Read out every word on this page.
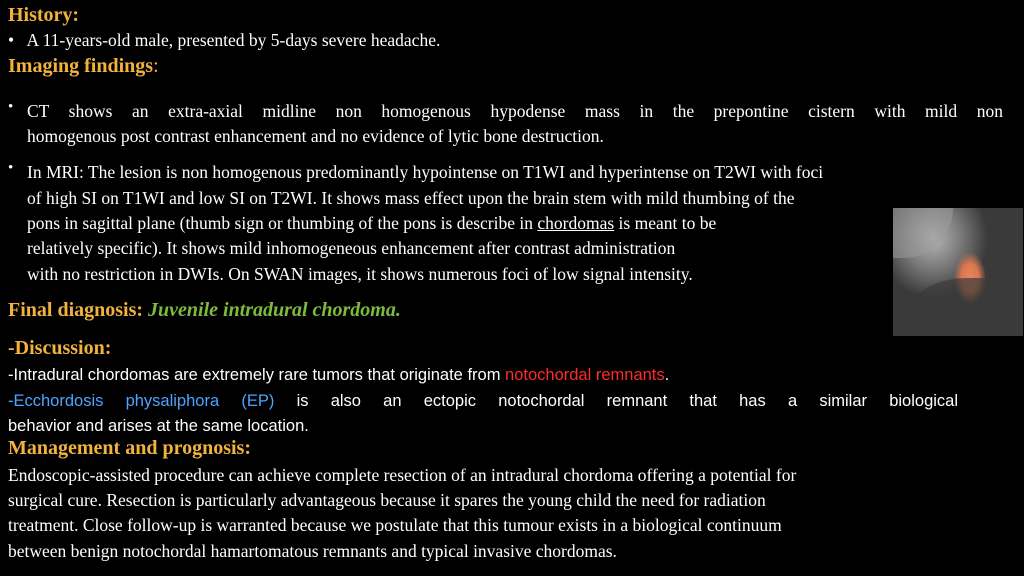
History:
• A 11-years-old male, presented by 5-days severe headache.
Imaging findings:
• CT shows an extra-axial midline non homogenous hypodense mass in the prepontine cistern with mild non
homogenous post contrast enhancement and no evidence of lytic bone destruction.
• In MRI: The lesion is non homogenous predominantly hypointense on T1WI and hyperintense on T2WI with foci
of high SI on T1WI and low SI on T2WI. It shows mass effect upon the brain stem with mild thumbing of the
pons in sagittal plane (thumb sign or thumbing of the pons is describe in chordomas is meant to be
relatively specific). It shows mild inhomogeneous enhancement after contrast administration
with no restriction in DWIs. On SWAN images, it shows numerous foci of low signal intensity.
Final diagnosis: Juvenile intradural chordoma.
-Discussion:
-Intradural chordomas are extremely rare tumors that originate from notochordal remnants.
-Ecchordosis physaliphora (EP) is also an ectopic notochordal remnant that has a similar biological
behavior and arises at the same location.
Management and prognosis:
Endoscopic-assisted procedure can achieve complete resection of an intradural chordoma offering a potential for
surgical cure. Resection is particularly advantageous because it spares the young child the need for radiation
treatment. Close follow-up is warranted because we postulate that this tumour exists in a biological continuum
between benign notochordal hamartomatous remnants and typical invasive chordomas.
